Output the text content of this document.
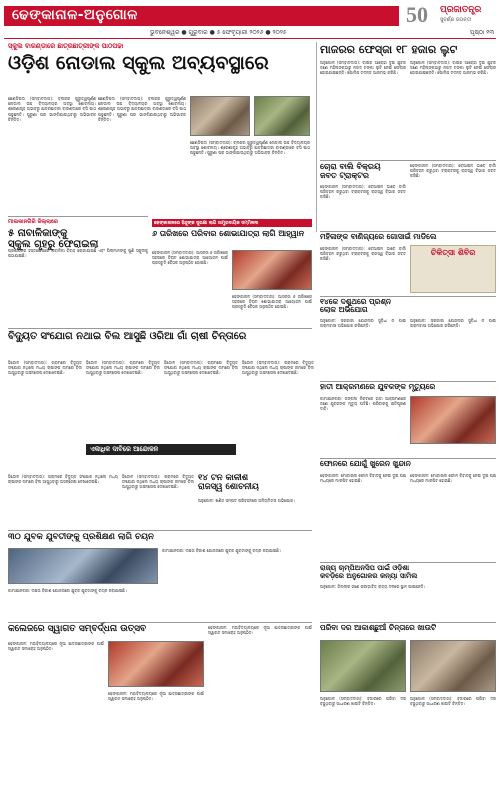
ଢେଙ୍କାନାଳ-ଅନୁଗୋଳ
ଭୁବନେଶ୍ୱର ● ଗୁରୁବାର ● ୫ ଫେବୃୟାରୀ ୨୦୨୬ ● ୨୦୨୫
50 ପ୍ରଜାତନ୍ତ୍ର
ସୁବର୍ଣ୍ଣ ଜୟନ୍ତୀ
ପୃଷ୍ଠା ୧୩
ସ୍କୁଲ ବାରଣ୍ଡାରେ ଛାତ୍ରଛାତ୍ରୀଙ୍କ ପାଠପଢା
ଓଡ଼ିଶ ନୋଡାଲ ସ୍କୁଲ ଅବ୍ୟବସ୍ଥାରେ
ଛେଣ୍ଡିପଦା (ସମ୍ବାଦଦାତା): ବ୍ଲକର ଗୁରୁତ୍ୱପୂର୍ଣ୍ଣ ନୋଡାଲ ଉଚ୍ଚ ବିଦ୍ୟାଳୟର ଅବସ୍ଥା ଶୋଚନୀୟ। ଶ୍ରେଣୀଗୃହ ଅଭାବରୁ ଛାତ୍ରଛାତ୍ରୀ ବାରଣ୍ଡାରେ ବସି ପାଠ ପଢୁଛନ୍ତି। ପୁରୁଣା ଘର ଭାଙ୍ଗିଯାଉଥିବାରୁ ଅଭିଭାବକ ଚିନ୍ତିତ।
ଛେଣ୍ଡିପଦା (ସମ୍ବାଦଦାତା): ବ୍ଲକର ଗୁରୁତ୍ୱପୂର୍ଣ୍ଣ ନୋଡାଲ ଉଚ୍ଚ ବିଦ୍ୟାଳୟର ଅବସ୍ଥା ଶୋଚନୀୟ। ଶ୍ରେଣୀଗୃହ ଅଭାବରୁ ଛାତ୍ରଛାତ୍ରୀ ବାରଣ୍ଡାରେ ବସି ପାଠ ପଢୁଛନ୍ତି। ପୁରୁଣା ଘର ଭାଙ୍ଗିଯାଉଥିବାରୁ ଅଭିଭାବକ ଚିନ୍ତିତ।
ଛେଣ୍ଡିପଦା (ସମ୍ବାଦଦାତା): ବ୍ଲକର ଗୁରୁତ୍ୱପୂର୍ଣ୍ଣ ନୋଡାଲ ଉଚ୍ଚ ବିଦ୍ୟାଳୟର ଅବସ୍ଥା ଶୋଚନୀୟ। ଶ୍ରେଣୀଗୃହ ଅଭାବରୁ ଛାତ୍ରଛାତ୍ରୀ ବାରଣ୍ଡାରେ ବସି ପାଠ ପଢୁଛନ୍ତି। ପୁରୁଣା ଘର ଭାଙ୍ଗିଯାଉଥିବାରୁ ଅଭିଭାବକ ଚିନ୍ତିତ।
ମାଜରର ଫେସ୍‌ଜା ୧୮ ହଜାର ଲୁଟ
ଅନୁଗୋଳ (ସମ୍ବାଦଦାତା): ବାଇକ ଆରୋହୀ ଦୁଇ ଯୁବକ ଜଣେ ମହିଳାଙ୍କଠାରୁ ନଗଦ ଟଙ୍କା ଲୁଟି ନେଇ ଫେରାର ହୋଇଯାଇଛନ୍ତି। ପୋଲିସ ତଦନ୍ତ ଆରମ୍ଭ କରିଛି।
ଅନୁଗୋଳ (ସମ୍ବାଦଦାତା): ବାଇକ ଆରୋହୀ ଦୁଇ ଯୁବକ ଜଣେ ମହିଳାଙ୍କଠାରୁ ନଗଦ ଟଙ୍କା ଲୁଟି ନେଇ ଫେରାର ହୋଇଯାଇଛନ୍ତି। ପୋଲିସ ତଦନ୍ତ ଆରମ୍ଭ କରିଛି।
ମାଲକାନଗିରି ଜିଲ୍ଲାରେ
୫ ନାବାଳିକାଙ୍କୁ
ସ୍କୁଲ ଗୃହରୁ ଫେରାଇଲା
ପ୍ରଶାସନର ହସ୍ତକ୍ଷେପରେ ନାବାଳିକା ବିବାହ ରୋକାଯାଇଛି ଏବଂ ପିଲାମାନଙ୍କୁ ପୁଣି ସ୍କୁଲକୁ ପଠାଯାଇଛି।
ଢେଙ୍କାନାଳରେ ହିନ୍ଦୁଙ୍କ ସୁରକ୍ଷା ଲାଗି ସାମ୍ପ୍ରଦାୟିକ ସମ୍ମିଳନୀ
୬ ତାରିଖରେ ପରିବାର ଶୋଭାଯାତ୍ରା ଲାଗି ଆହ୍ୱାନ
ଢେଙ୍କାନାଳ (ସମ୍ବାଦଦାତା): ଆସନ୍ତା ୬ ତାରିଖରେ ସହରରେ ବିରାଟ ଶୋଭାଯାତ୍ରା ଆୟୋଜନ ପାଇଁ ପ୍ରସ୍ତୁତି ବୈଠକ ଅନୁଷ୍ଠିତ ହୋଇଛି।
ଢେଙ୍କାନାଳ (ସମ୍ବାଦଦାତା): ଆସନ୍ତା ୬ ତାରିଖରେ ସହରରେ ବିରାଟ ଶୋଭାଯାତ୍ରା ଆୟୋଜନ ପାଇଁ ପ୍ରସ୍ତୁତି ବୈଠକ ଅନୁଷ୍ଠିତ ହୋଇଛି।
ଚୋରା ବାଲି ବିକ୍ରୟ
ଜବତ ଟ୍ରାକ୍‌ଟର
ଢେଙ୍କାନାଳ (ସମ୍ବାଦଦାତା): ବେଆଇନ ଭାବେ ବାଲି ପରିବହନ କରୁଥିବା ଟ୍ରାକ୍‌ଟରକୁ ରାଜସ୍ୱ ବିଭାଗ ଜବତ କରିଛି।
ଢେଙ୍କାନାଳ (ସମ୍ବାଦଦାତା): ବେଆଇନ ଭାବେ ବାଲି ପରିବହନ କରୁଥିବା ଟ୍ରାକ୍‌ଟରକୁ ରାଜସ୍ୱ ବିଭାଗ ଜବତ କରିଛି।
ମହିଳାଙ୍କ ବାଣିଜ୍ୟରେ ଗୋସାଇଁ ମାଡିଲେ
ଢେଙ୍କାନାଳ (ସମ୍ବାଦଦାତା): ବେଆଇନ ଭାବେ ବାଲି ପରିବହନ କରୁଥିବା ଟ୍ରାକ୍‌ଟରକୁ ରାଜସ୍ୱ ବିଭାଗ ଜବତ କରିଛି।
ଚିକିତ୍ସା ଶିବିର
୧୪କେ ଦଶୁଥରେ ପ୍ରଶ୍ନ
ଲୋକ ଅଭିଯୋଗ
ଅନୁଗୋଳ: ସରକାରୀ ଯୋଜନାର ସୁବିଧା ନ ପାଇ ଗ୍ରାମବାସୀ ଅଭିଯୋଗ କରିଛନ୍ତି।
ଅନୁଗୋଳ: ସରକାରୀ ଯୋଜନାର ସୁବିଧା ନ ପାଇ ଗ୍ରାମବାସୀ ଅଭିଯୋଗ କରିଛନ୍ତି।
ହାତୀ ଆକ୍ରମଣରେ ଯୁବକଙ୍କ ମୃତ୍ୟୁରେ
କାମାକ୍ଷାନଗର: ଜଙ୍ଗଲ ନିକଟରେ ହାତୀ ଆକ୍ରମଣରେ ଜଣେ ଯୁବକଙ୍କ ମୃତ୍ୟୁ ଘଟିଛି। ପରିବାରକୁ କ୍ଷତିପୂରଣ ଦାବି।
ଫୋନରେ ଯୋଗୁଁ ଖୁରେନ ଖୁନ୍ଦାନ
ଢେଙ୍କାନାଳ: ମୋବାଇଲ ଫୋନ ବିବାଦକୁ ନେଇ ଦୁଇ ପକ୍ଷ ମଧ୍ୟରେ ମାରପିଟ ହୋଇଛି।
ଢେଙ୍କାନାଳ: ମୋବାଇଲ ଫୋନ ବିବାଦକୁ ନେଇ ଦୁଇ ପକ୍ଷ ମଧ୍ୟରେ ମାରପିଟ ହୋଇଛି।
ବିଦ୍ୟୁତ ସଂଯୋଗ ନଥାଇ ବିଲ ଆସୁଛି ଓରିଆ ଗାଁ ଚାଷୀ ଚିନ୍ତାରେ
ହିନ୍ଦୋଳ (ସମ୍ବାଦଦାତା): ଗ୍ରାମରେ ବିଦ୍ୟୁତ ସଂଯୋଗ ନଥିଲେ ମଧ୍ୟ ଚାଷୀଙ୍କ ନାମରେ ବିଲ ଆସୁଥିବାରୁ ଅସନ୍ତୋଷ ଦେଖାଦେଇଛି।
ହିନ୍ଦୋଳ (ସମ୍ବାଦଦାତା): ଗ୍ରାମରେ ବିଦ୍ୟୁତ ସଂଯୋଗ ନଥିଲେ ମଧ୍ୟ ଚାଷୀଙ୍କ ନାମରେ ବିଲ ଆସୁଥିବାରୁ ଅସନ୍ତୋଷ ଦେଖାଦେଇଛି।
ହିନ୍ଦୋଳ (ସମ୍ବାଦଦାତା): ଗ୍ରାମରେ ବିଦ୍ୟୁତ ସଂଯୋଗ ନଥିଲେ ମଧ୍ୟ ଚାଷୀଙ୍କ ନାମରେ ବିଲ ଆସୁଥିବାରୁ ଅସନ୍ତୋଷ ଦେଖାଦେଇଛି।
ହିନ୍ଦୋଳ (ସମ୍ବାଦଦାତା): ଗ୍ରାମରେ ବିଦ୍ୟୁତ ସଂଯୋଗ ନଥିଲେ ମଧ୍ୟ ଚାଷୀଙ୍କ ନାମରେ ବିଲ ଆସୁଥିବାରୁ ଅସନ୍ତୋଷ ଦେଖାଦେଇଛି।
ଏକାଧିକ ଦାବିରେ ଆନ୍ଦୋଳନ
୩୦ ଯୁବକ ଯୁବତୀଙ୍କୁ ପ୍ରଶିକ୍ଷଣ ଲାଗି ଚୟନ
ହିନ୍ଦୋଳ (ସମ୍ବାଦଦାତା): ଗ୍ରାମରେ ବିଦ୍ୟୁତ ସଂଯୋଗ ନଥିଲେ ମଧ୍ୟ ଚାଷୀଙ୍କ ନାମରେ ବିଲ ଆସୁଥିବାରୁ ଅସନ୍ତୋଷ ଦେଖାଦେଇଛି।
ହିନ୍ଦୋଳ (ସମ୍ବାଦଦାତା): ଗ୍ରାମରେ ବିଦ୍ୟୁତ ସଂଯୋଗ ନଥିଲେ ମଧ୍ୟ ଚାଷୀଙ୍କ ନାମରେ ବିଲ ଆସୁଥିବାରୁ ଅସନ୍ତୋଷ ଦେଖାଦେଇଛି।
୧୪ ଟନ କାଳୀଶ
ରାଜସ୍ୱ ଶୋଚନୀୟ
ଅନୁଗୋଳ: ଖଣିଜ ସମ୍ପଦ ପରିବହନରେ ଅନିୟମିତତା ଅଭିଯୋଗ।
ରାଜ୍ୟ ଚାମ୍ପିଅନସିପ ପାଇଁ ଓଡ଼ିଶା
କବଡ଼ିରେ ଅନୁଗୋଳର କନ୍ୟା ସାମିଲ
ଅନୁଗୋଳ: ଜିଲ୍ଲାର ଜଣେ କ୍ରୀଡ଼ାବିତ୍ ରାଜ୍ୟ ଦଳରେ ସ୍ଥାନ ପାଇଛନ୍ତି।
କାମାକ୍ଷାନଗର: ଦକ୍ଷତା ବିକାଶ ଯୋଜନାରେ ଯୁବକ ଯୁବତୀଙ୍କୁ ଚୟନ କରାଯାଇଛି।
କାମାକ୍ଷାନଗର: ଦକ୍ଷତା ବିକାଶ ଯୋଜନାରେ ଯୁବକ ଯୁବତୀଙ୍କୁ ଚୟନ କରାଯାଇଛି।
କଲେଜରେ ସ୍ୱାଗତ ସମ୍ବର୍ଦ୍ଧନା ଉତ୍ସବ
ଢେଙ୍କାନାଳ: ମହାବିଦ୍ୟାଳୟରେ ନୂଆ ଛାତ୍ରଛାତ୍ରୀଙ୍କ ପାଇଁ ସ୍ୱାଗତ ସମାରୋହ ଅନୁଷ୍ଠିତ।
ଢେଙ୍କାନାଳ: ମହାବିଦ୍ୟାଳୟରେ ନୂଆ ଛାତ୍ରଛାତ୍ରୀଙ୍କ ପାଇଁ ସ୍ୱାଗତ ସମାରୋହ ଅନୁଷ୍ଠିତ।
ଢେଙ୍କାନାଳ: ମହାବିଦ୍ୟାଳୟରେ ନୂଆ ଛାତ୍ରଛାତ୍ରୀଙ୍କ ପାଇଁ ସ୍ୱାଗତ ସମାରୋହ ଅନୁଷ୍ଠିତ।
ପରିବା ଦର ଆକାଶଛୁଆଁ ଚିନ୍ତାରେ ଖାଉଟି
ଅନୁଗୋଳ (ସମ୍ବାଦଦାତା): ବଜାରରେ ପରିବା ଦର ବଢୁଥିବାରୁ ସାଧାରଣ ଖାଉଟି ଚିନ୍ତିତ।
ଅନୁଗୋଳ (ସମ୍ବାଦଦାତା): ବଜାରରେ ପରିବା ଦର ବଢୁଥିବାରୁ ସାଧାରଣ ଖାଉଟି ଚିନ୍ତିତ।
